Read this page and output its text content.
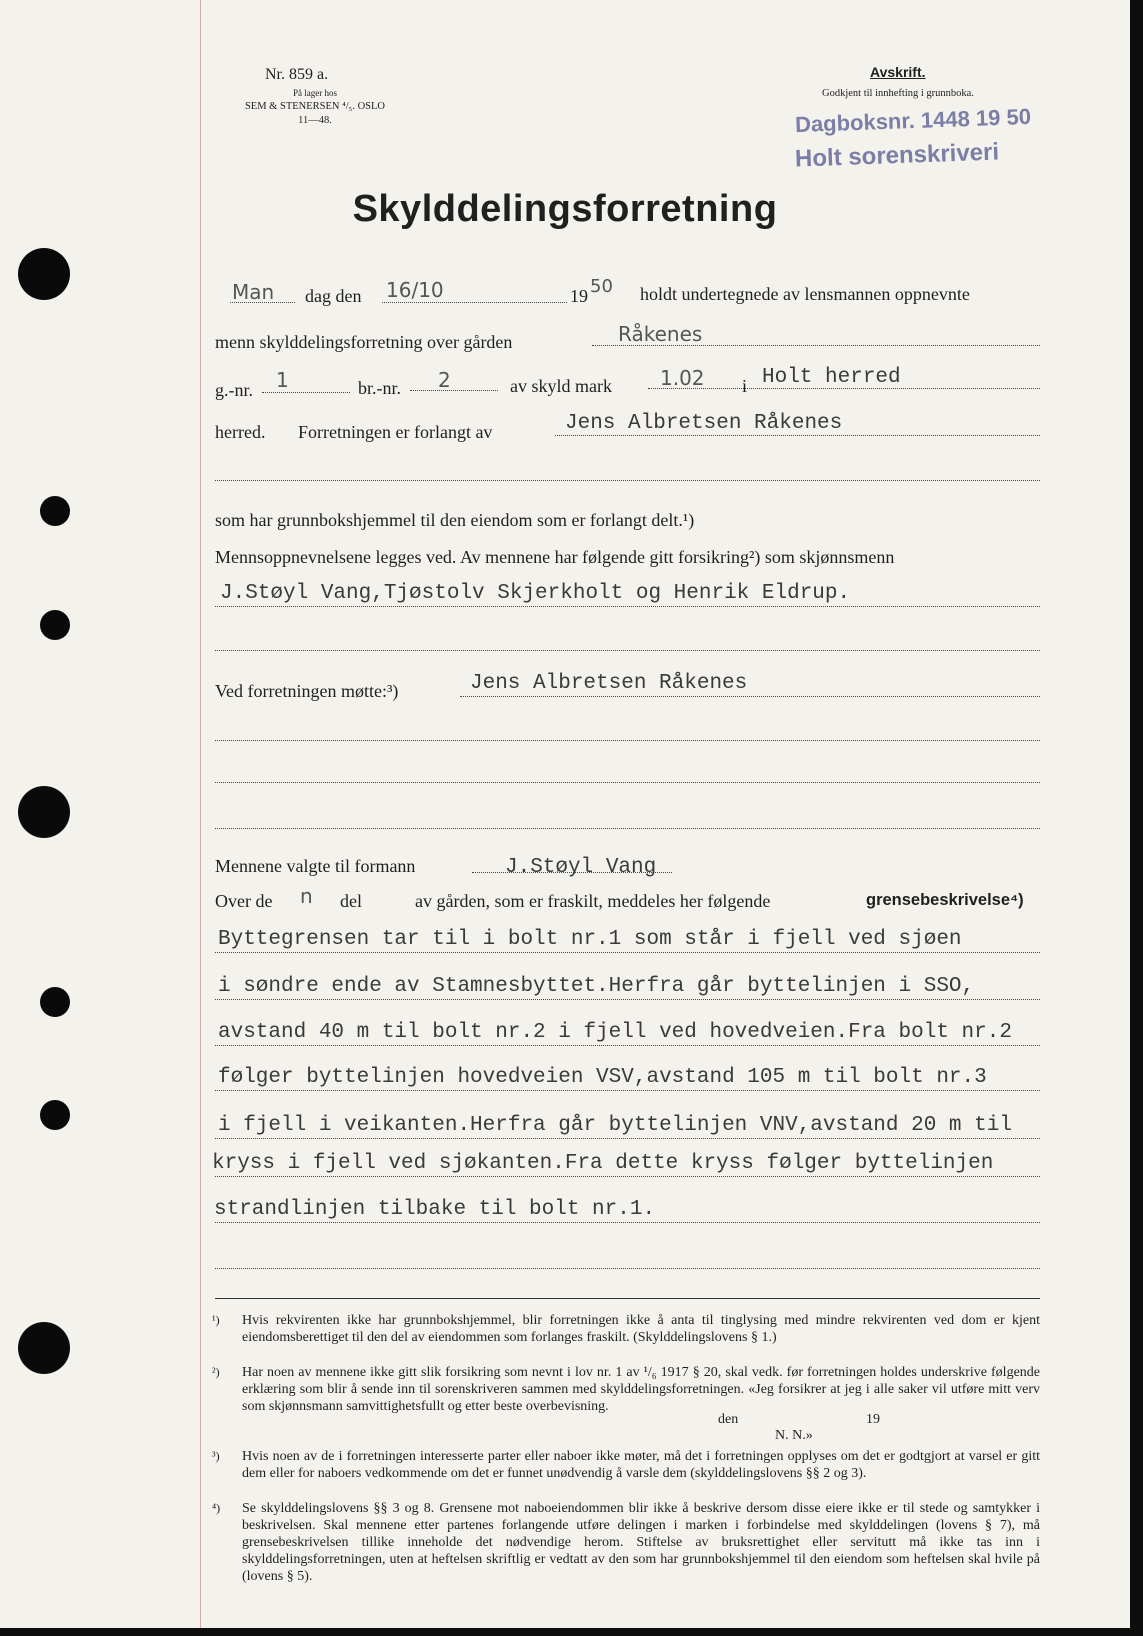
Nr. 859 a.
På lager hos
SEM & STENERSEN ⁴/₅. OSLO
11—48.
Avskrift.
Godkjent til innhefting i grunnboka.
Dagboksnr. 1448 19 50
Holt sorenskriveri
Skylddelingsforretning
Man dag den 16/10	19 50 holdt undertegnede av lensmannen oppnevnte
menn skylddelingsforretning over gården	Råkenes
g.-nr. 1	br.-nr. 2	av skyld mark 1.02 i Holt herred
herred. Forretningen er forlangt av	Jens Albretsen Råkenes
som har grunnbokshjemmel til den eiendom som er forlangt delt.¹)
Mennsoppnevnelsene legges ved. Av mennene har følgende gitt forsikring²) som skjønnsmenn
J.Støyl Vang,Tjøstolv Skjerkholt og Henrik Eldrup.
Ved forretningen møtte:³)	Jens Albretsen Råkenes
Mennene valgte til formann	J.Støyl Vang
Over de n del	av gården, som er fraskilt, meddeles her følgende	grensebeskrivelse⁴)
Byttegrensen tar til i bolt nr.1 som står i fjell ved sjøen
i søndre ende av Stamnesbyttet.Herfra går byttelinjen i SSO,
avstand 40 m til bolt nr.2 i fjell ved hovedveien.Fra bolt nr.2
følger byttelinjen hovedveien VSV,avstand 105 m til bolt nr.3
i fjell i veikanten.Herfra går byttelinjen VNV,avstand 20 m til
kryss i fjell ved sjøkanten.Fra dette kryss følger byttelinjen
strandlinjen tilbake til bolt nr.1.
¹) Hvis rekvirenten ikke har grunnbokshjemmel, blir forretningen ikke å anta til tinglysing med mindre rekvirenten ved dom er kjent eiendomsberettiget til den del av eiendommen som forlanges fraskilt. (Skylddelingslovens § 1.)
²) Har noen av mennene ikke gitt slik forsikring som nevnt i lov nr. 1 av ¹/₆ 1917 § 20, skal vedk. før forretningen holdes underskrive følgende erklæring som blir å sende inn til sorenskriveren sammen med skylddelingsforretningen. «Jeg forsikrer at jeg i alle saker vil utføre mitt verv som skjønnsmann samvittighetsfullt og etter beste overbevisning.
den	19
N. N.»
³) Hvis noen av de i forretningen interesserte parter eller naboer ikke møter, må det i forretningen opplyses om det er godtgjort at varsel er gitt dem eller for naboers vedkommende om det er funnet unødvendig å varsle dem (skylddelingslovens §§ 2 og 3).
⁴) Se skylddelingslovens §§ 3 og 8. Grensene mot naboeiendommen blir ikke å beskrive dersom disse eiere ikke er til stede og samtykker i beskrivelsen. Skal mennene etter partenes forlangende utføre delingen i marken i forbindelse med skylddelingen (lovens § 7), må grensebeskrivelsen tillike inneholde det nødvendige herom. Stiftelse av bruksrettighet eller servitutt må ikke tas inn i skylddelingsforretningen, uten at heftelsen skriftlig er vedtatt av den som har grunnbokshjemmel til den eiendom som heftelsen skal hvile på (lovens § 5).
